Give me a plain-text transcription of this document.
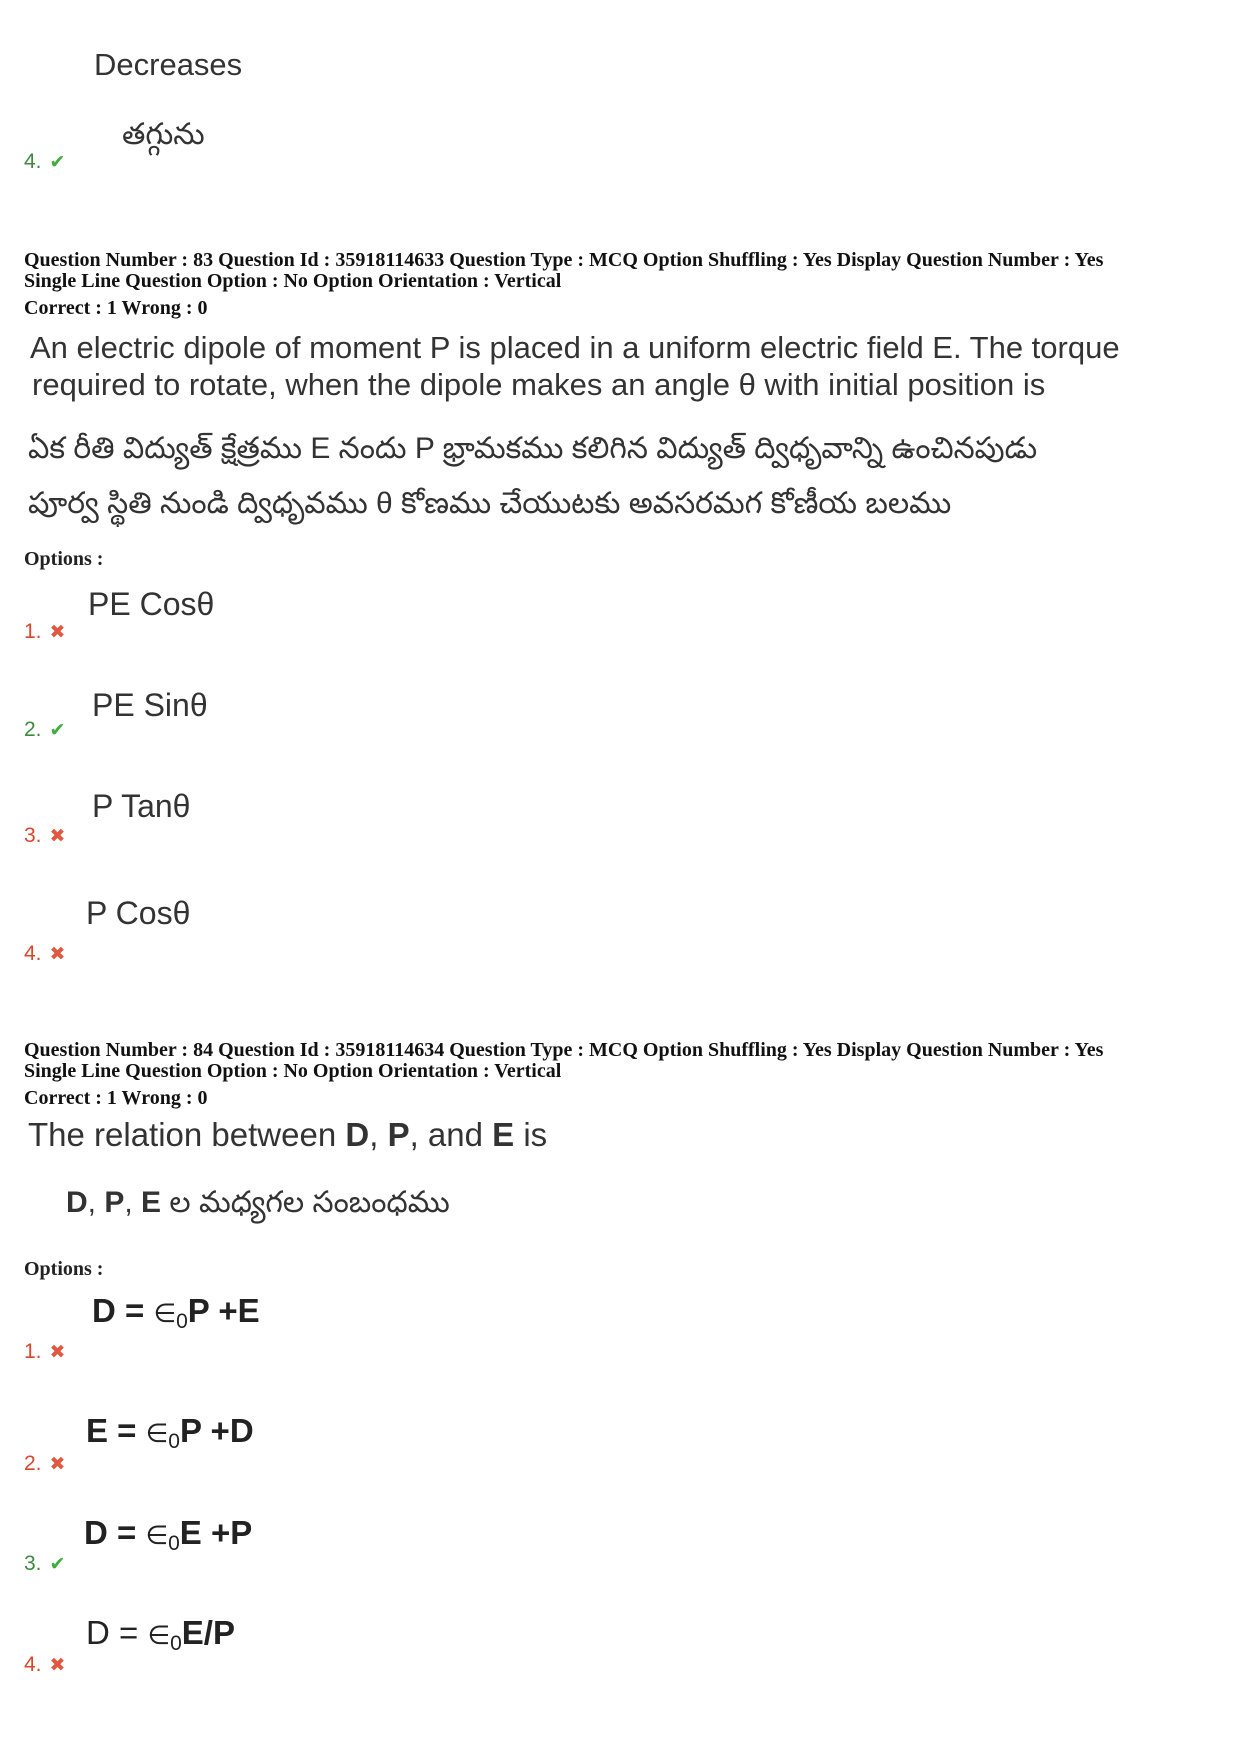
Decreases
4. ✔
తగ్గును
Question Number : 83 Question Id : 35918114633 Question Type : MCQ Option Shuffling : Yes Display Question Number : Yes
Single Line Question Option : No Option Orientation : Vertical
Correct : 1 Wrong : 0
An electric dipole of moment P is placed in a uniform electric field E. The torque
required to rotate, when the dipole makes an angle θ with initial position is
ఏక రీతి విద్యుత్ క్షేత్రము E నందు P భ్రామకము కలిగిన విద్యుత్ ద్విధృవాన్ని ఉంచినపుడు
పూర్వ స్థితి నుండి ద్విధృవము θ కోణము చేయుటకు అవసరమగ కోణీయ బలము
Options :
1. ✖
PE Cosθ
2. ✔
PE Sinθ
3. ✖
P Tanθ
4. ✖
P Cosθ
Question Number : 84 Question Id : 35918114634 Question Type : MCQ Option Shuffling : Yes Display Question Number : Yes
Single Line Question Option : No Option Orientation : Vertical
Correct : 1 Wrong : 0
The relation between D, P, and E is
D, P, E ల మధ్యగల సంబంధము
Options :
1. ✖
$D = \in_0P +E$
2. ✖
$E = \in_0P +D$
3. ✔
$D = \in_0E +P$
4. ✖
$D = \in_0E/P$
